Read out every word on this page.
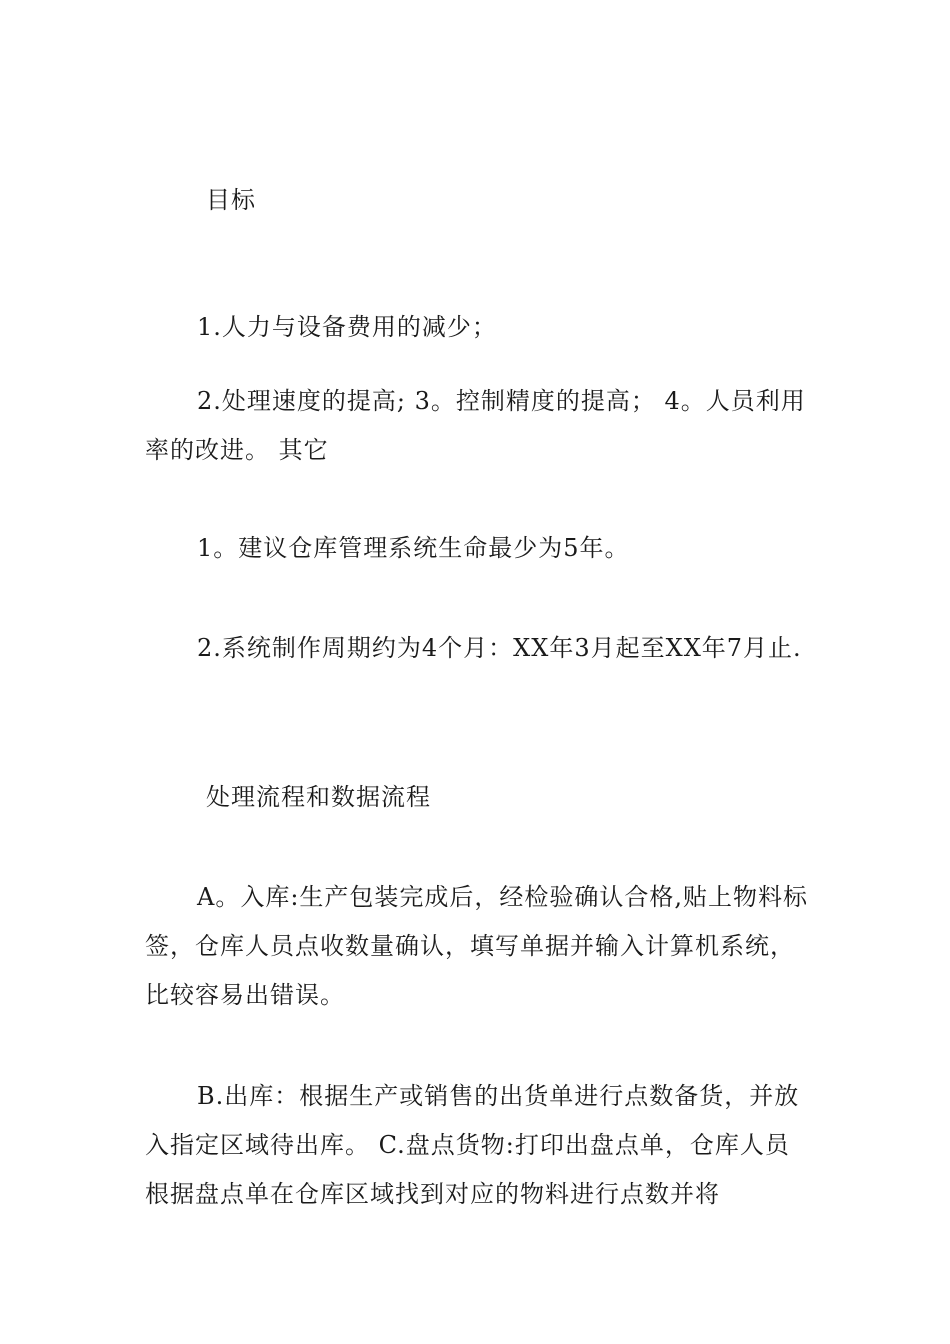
目标
1.人力与设备费用的减少；
2.处理速度的提高; 3。控制精度的提高； 4。人员利用率的改进。 其它
1。建议仓库管理系统生命最少为5年。
2.系统制作周期约为4个月：XX年3月起至XX年7月止.
处理流程和数据流程
A。入库:生产包装完成后，经检验确认合格,贴上物料标签，仓库人员点收数量确认，填写单据并输入计算机系统，比较容易出错误。
B.出库：根据生产或销售的出货单进行点数备货，并放入指定区域待出库。 C.盘点货物:打印出盘点单，仓库人员根据盘点单在仓库区域找到对应的物料进行点数并将
